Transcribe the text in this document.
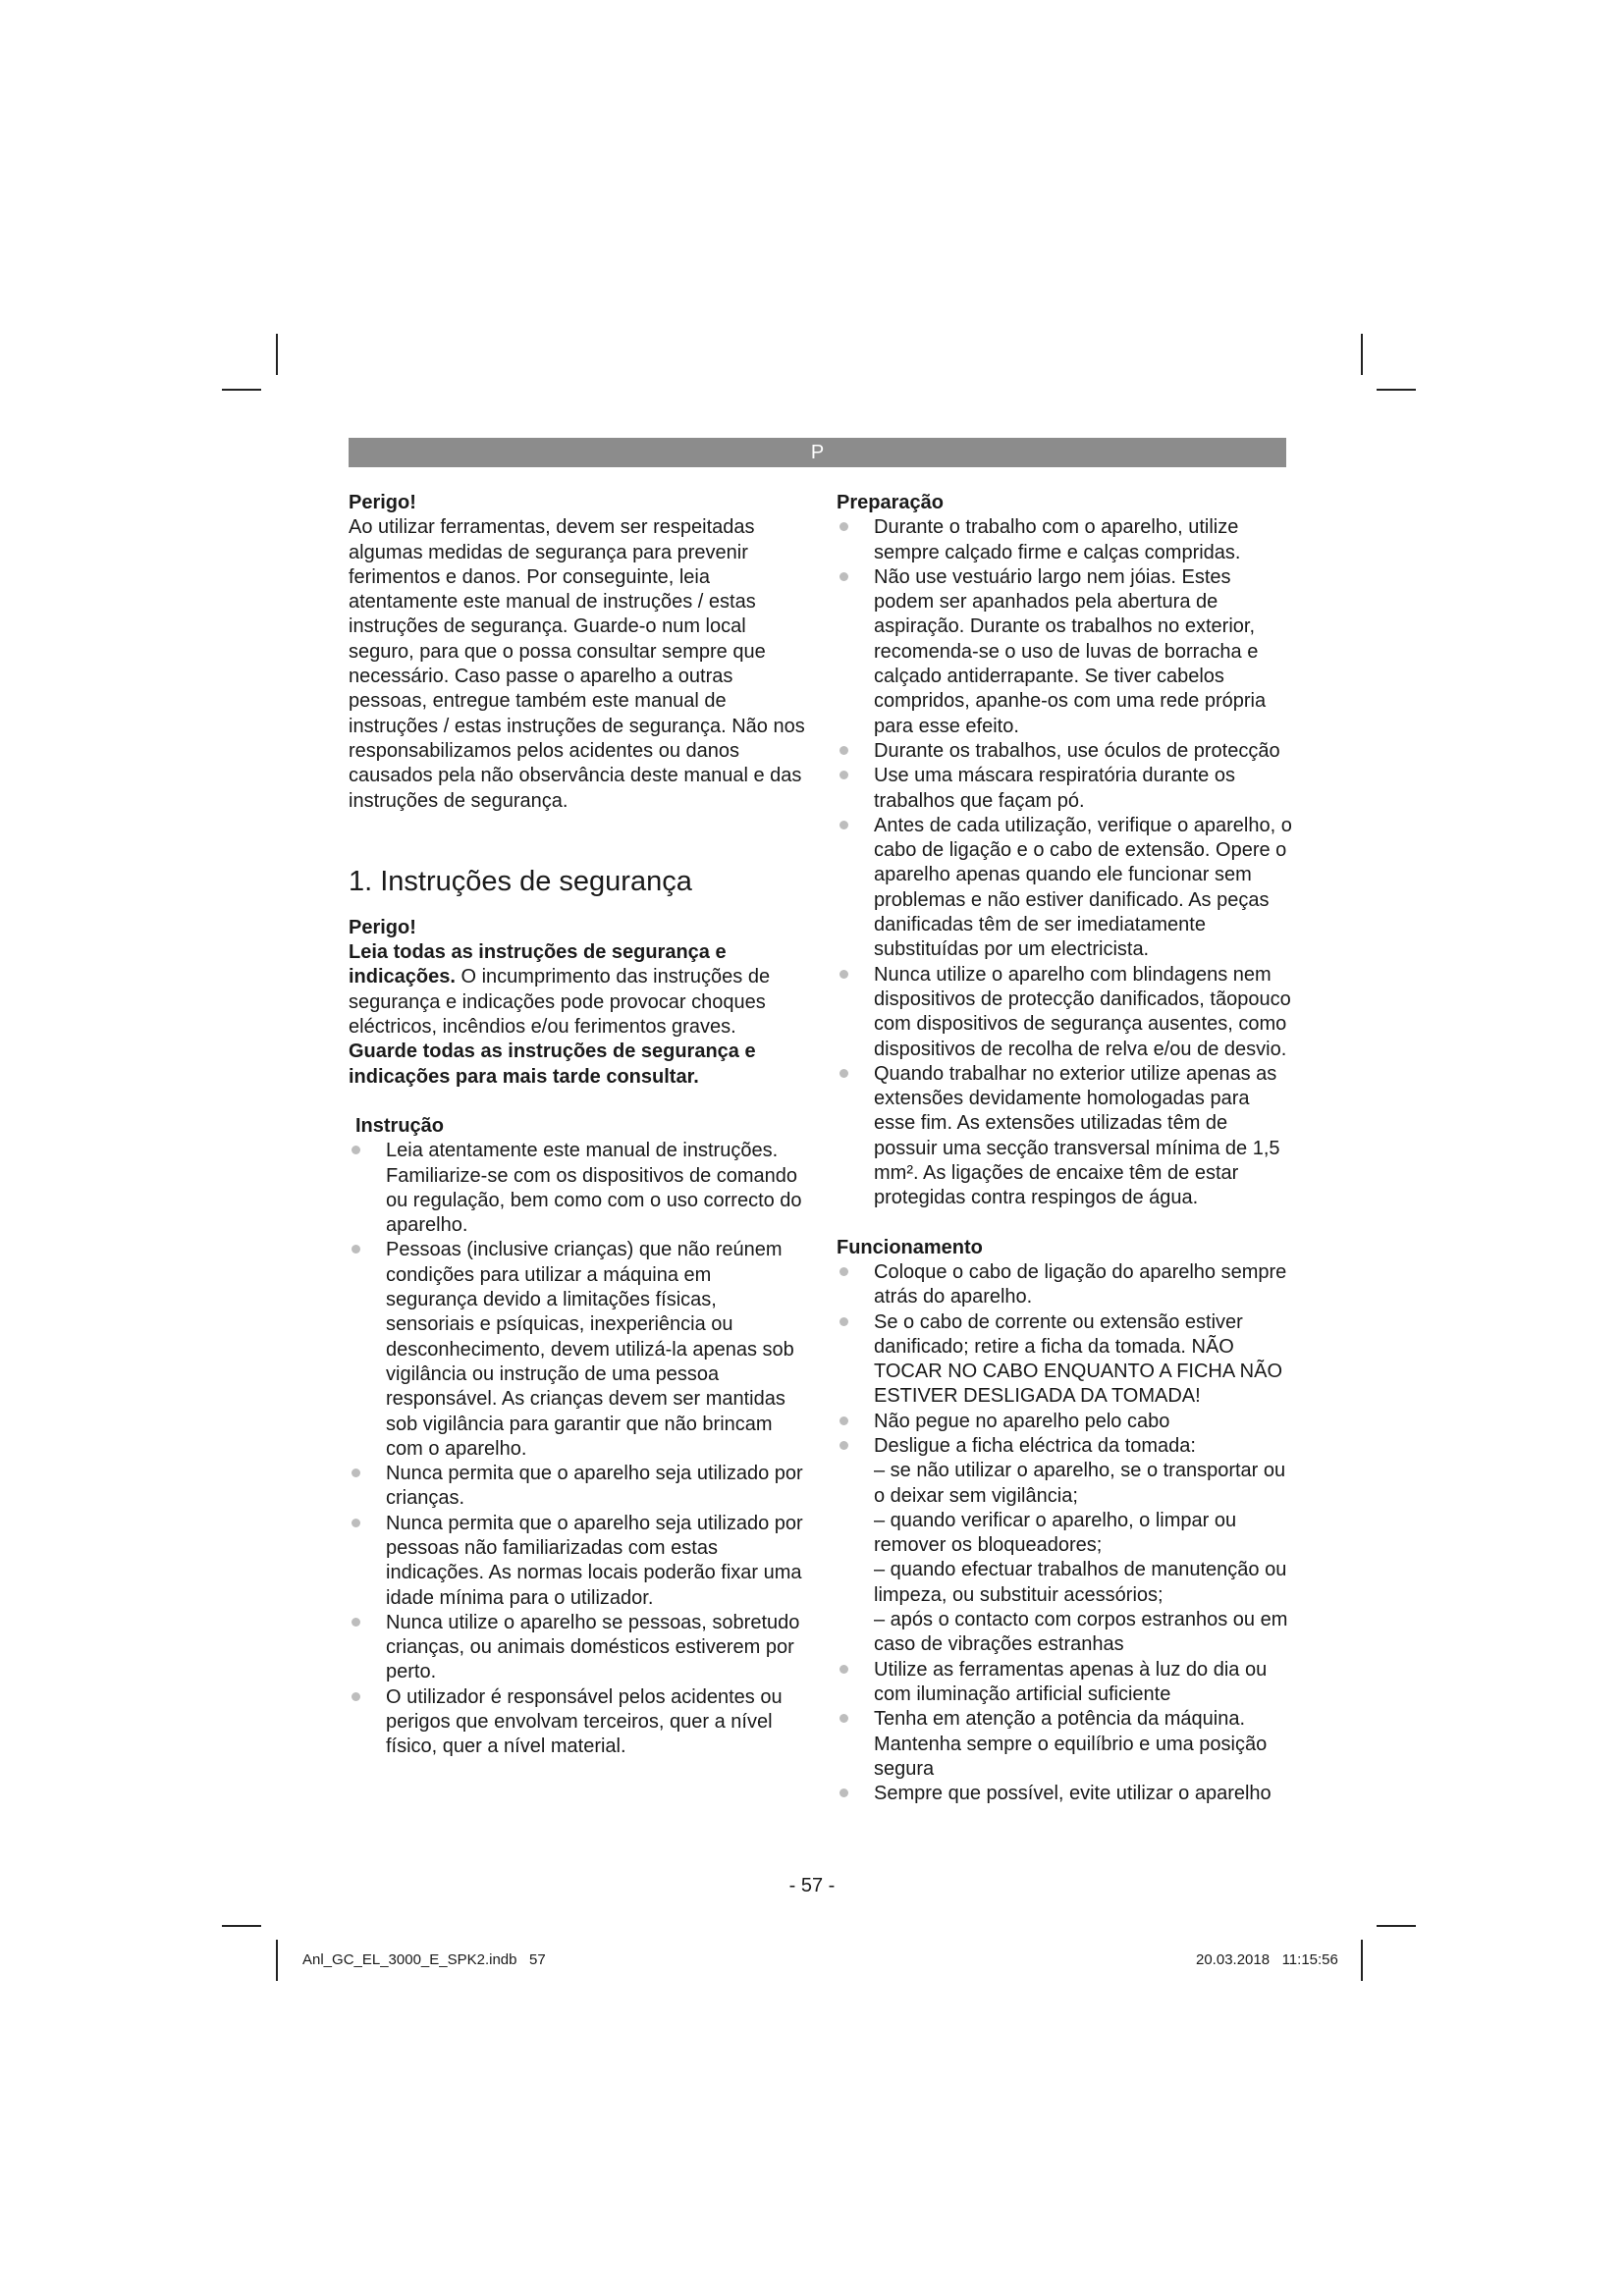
P

Perigo!

Ao utilizar ferramentas, devem ser respeitadas algumas medidas de segurança para prevenir ferimentos e danos. Por conseguinte, leia atentamente este manual de instruções / estas instruções de segurança. Guarde-o num local seguro, para que o possa consultar sempre que necessário. Caso passe o aparelho a outras pessoas, entregue também este manual de instruções / estas instruções de segurança. Não nos responsabilizamos pelos acidentes ou danos causados pela não observância deste manual e das instruções de segurança.

1. Instruções de segurança

Perigo!

Leia todas as instruções de segurança e indicações. O incumprimento das instruções de segurança e indicações pode provocar choques eléctricos, incêndios e/ou ferimentos graves.

Guarde todas as instruções de segurança e indicações para mais tarde consultar.

Instrução

Leia atentamente este manual de instruções. Familiarize-se com os dispositivos de comando ou regulação, bem como com o uso correcto do aparelho.
Pessoas (inclusive crianças) que não reúnem condições para utilizar a máquina em segurança devido a limitações físicas, sensoriais e psíquicas, inexperiência ou desconhecimento, devem utilizá-la apenas sob vigilância ou instrução de uma pessoa responsável. As crianças devem ser mantidas sob vigilância para garantir que não brincam com o aparelho.
Nunca permita que o aparelho seja utilizado por crianças.
Nunca permita que o aparelho seja utilizado por pessoas não familiarizadas com estas indicações. As normas locais poderão fixar uma idade mínima para o utilizador.
Nunca utilize o aparelho se pessoas, sobretudo crianças, ou animais domésticos estiverem por perto.
O utilizador é responsável pelos acidentes ou perigos que envolvam terceiros, quer a nível físico, quer a nível material.

Preparação

Durante o trabalho com o aparelho, utilize sempre calçado firme e calças compridas.
Não use vestuário largo nem jóias. Estes podem ser apanhados pela abertura de aspiração. Durante os trabalhos no exterior, recomenda-se o uso de luvas de borracha e calçado antiderrapante. Se tiver cabelos compridos, apanhe-os com uma rede própria para esse efeito.
Durante os trabalhos, use óculos de protecção
Use uma máscara respiratória durante os trabalhos que façam pó.
Antes de cada utilização, verifique o aparelho, o cabo de ligação e o cabo de extensão. Opere o aparelho apenas quando ele funcionar sem problemas e não estiver danificado. As peças danificadas têm de ser imediatamente substituídas por um electricista.
Nunca utilize o aparelho com blindagens nem dispositivos de protecção danificados, tãopouco com dispositivos de segurança ausentes, como dispositivos de recolha de relva e/ou de desvio.
Quando trabalhar no exterior utilize apenas as extensões devidamente homologadas para esse fim. As extensões utilizadas têm de possuir uma secção transversal mínima de 1,5 mm². As ligações de encaixe têm de estar protegidas contra respingos de água.

Funcionamento

Coloque o cabo de ligação do aparelho sempre atrás do aparelho.
Se o cabo de corrente ou extensão estiver danificado; retire a ficha da tomada. NÃO TOCAR NO CABO ENQUANTO A FICHA NÃO ESTIVER DESLIGADA DA TOMADA!
Não pegue no aparelho pelo cabo
Desligue a ficha eléctrica da tomada:
– se não utilizar o aparelho, se o transportar ou o deixar sem vigilância;
– quando verificar o aparelho, o limpar ou remover os bloqueadores;
– quando efectuar trabalhos de manutenção ou limpeza, ou substituir acessórios;
– após o contacto com corpos estranhos ou em caso de vibrações estranhas
Utilize as ferramentas apenas à luz do dia ou com iluminação artificial suficiente
Tenha em atenção a potência da máquina. Mantenha sempre o equilíbrio e uma posição segura
Sempre que possível, evite utilizar o aparelho
- 57 -
Anl_GC_EL_3000_E_SPK2.indb   57	20.03.2018   11:15:56
